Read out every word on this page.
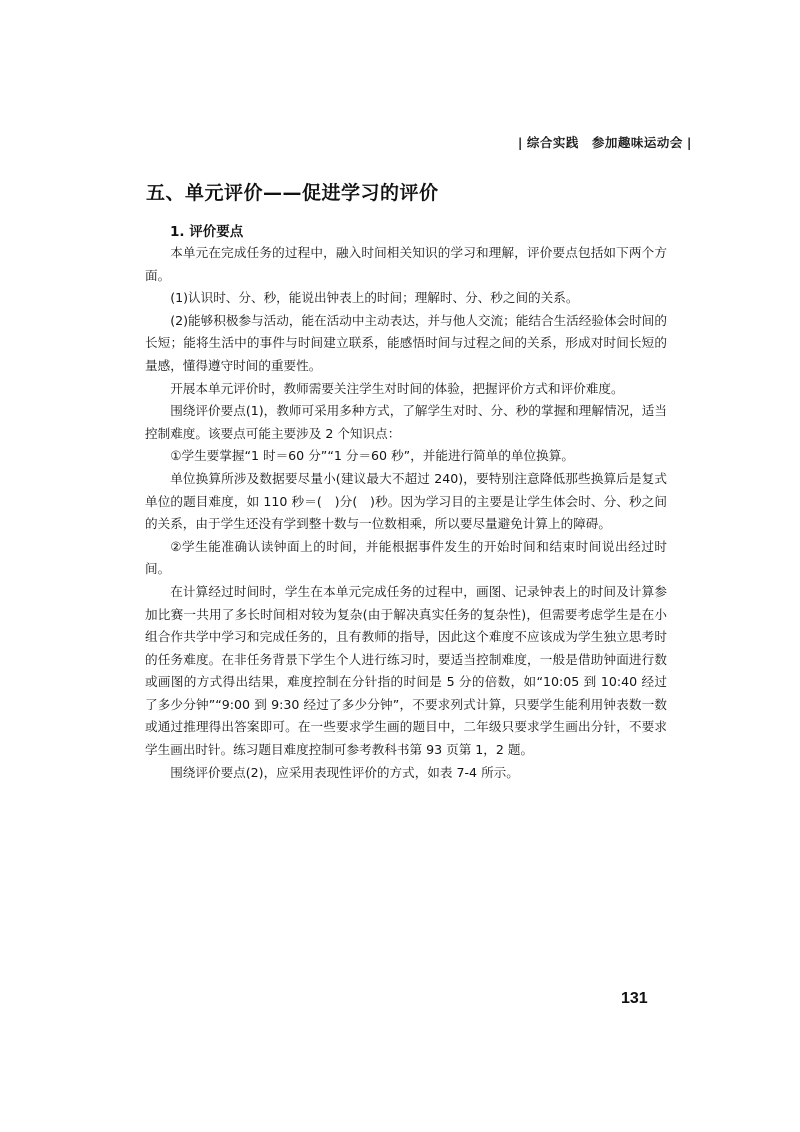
| 综合实践　参加趣味运动会 |
五、单元评价——促进学习的评价
1. 评价要点

本单元在完成任务的过程中，融入时间相关知识的学习和理解，评价要点包括如下两个方面。

(1)认识时、分、秒，能说出钟表上的时间；理解时、分、秒之间的关系。

(2)能够积极参与活动，能在活动中主动表达，并与他人交流；能结合生活经验体会时间的长短；能将生活中的事件与时间建立联系，能感悟时间与过程之间的关系，形成对时间长短的量感，懂得遵守时间的重要性。

开展本单元评价时，教师需要关注学生对时间的体验，把握评价方式和评价难度。

围绕评价要点(1)，教师可采用多种方式，了解学生对时、分、秒的掌握和理解情况，适当控制难度。该要点可能主要涉及 2 个知识点：

①学生要掌握“1 时＝60 分”“1 分＝60 秒”，并能进行简单的单位换算。

单位换算所涉及数据要尽量小(建议最大不超过 240)，要特别注意降低那些换算后是复式单位的题目难度，如 110 秒＝(　)分(　)秒。因为学习目的主要是让学生体会时、分、秒之间的关系，由于学生还没有学到整十数与一位数相乘，所以要尽量避免计算上的障碍。

②学生能准确认读钟面上的时间，并能根据事件发生的开始时间和结束时间说出经过时间。

在计算经过时间时，学生在本单元完成任务的过程中，画图、记录钟表上的时间及计算参加比赛一共用了多长时间相对较为复杂(由于解决真实任务的复杂性)，但需要考虑学生是在小组合作共学中学习和完成任务的，且有教师的指导，因此这个难度不应该成为学生独立思考时的任务难度。在非任务背景下学生个人进行练习时，要适当控制难度，一般是借助钟面进行数或画图的方式得出结果，难度控制在分针指的时间是 5 分的倍数，如“10:05 到 10:40 经过了多少分钟”“9:00 到 9:30 经过了多少分钟”，不要求列式计算，只要学生能利用钟表数一数或通过推理得出答案即可。在一些要求学生画的题目中，二年级只要求学生画出分针，不要求学生画出时针。练习题目难度控制可参考教科书第 93 页第 1，2 题。

围绕评价要点(2)，应采用表现性评价的方式，如表 7-4 所示。

131
